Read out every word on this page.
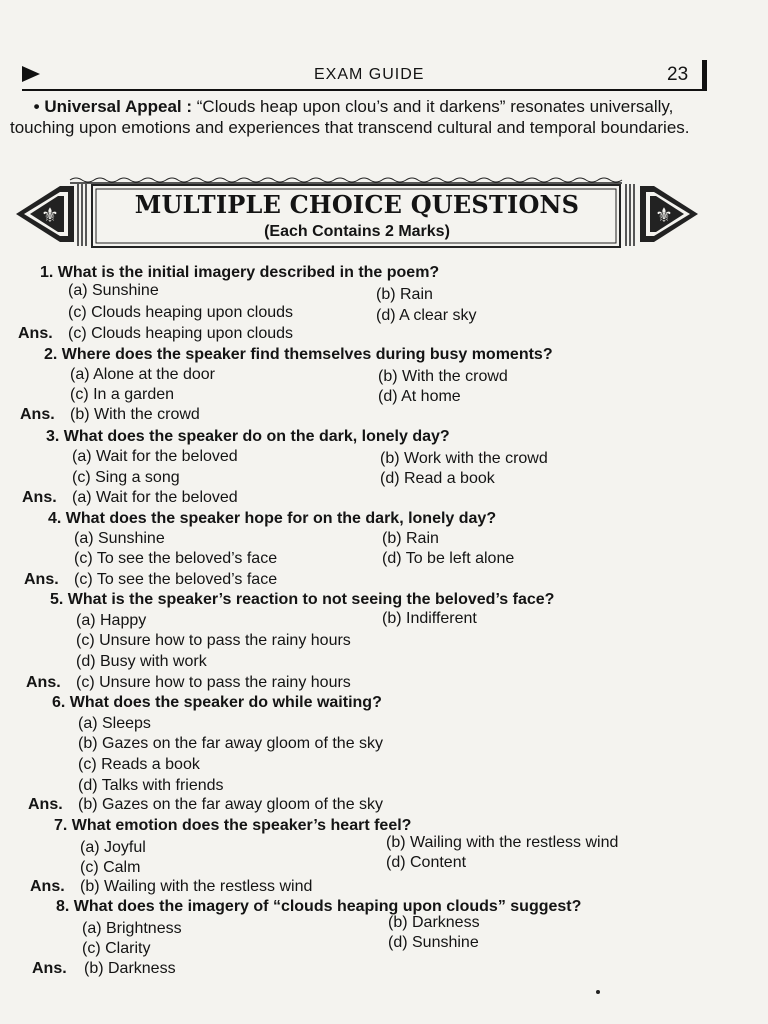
EXAM GUIDE	23
• Universal Appeal : “Clouds heap upon clou’s and it darkens” resonates universally, touching upon emotions and experiences that transcend cultural and temporal boundaries.
⚜	⚜
MULTIPLE CHOICE QUESTIONS
(Each Contains 2 Marks)
1. What is the initial imagery described in the poem?
(a) Sunshine	(b) Rain
(c) Clouds heaping upon clouds	(d) A clear sky
Ans. (c) Clouds heaping upon clouds
2. Where does the speaker find themselves during busy moments?
(a) Alone at the door	(b) With the crowd
(c) In a garden	(d) At home
Ans. (b) With the crowd
3. What does the speaker do on the dark, lonely day?
(a) Wait for the beloved	(b) Work with the crowd
(c) Sing a song	(d) Read a book
Ans. (a) Wait for the beloved
4. What does the speaker hope for on the dark, lonely day?
(a) Sunshine	(b) Rain
(c) To see the beloved’s face	(d) To be left alone
Ans. (c) To see the beloved’s face
5. What is the speaker’s reaction to not seeing the beloved’s face?
(a) Happy	(b) Indifferent
(c) Unsure how to pass the rainy hours
(d) Busy with work
Ans. (c) Unsure how to pass the rainy hours
6. What does the speaker do while waiting?
(a) Sleeps
(b) Gazes on the far away gloom of the sky
(c) Reads a book
(d) Talks with friends
Ans. (b) Gazes on the far away gloom of the sky
7. What emotion does the speaker’s heart feel?
(a) Joyful	(b) Wailing with the restless wind
(c) Calm	(d) Content
Ans. (b) Wailing with the restless wind
8. What does the imagery of “clouds heaping upon clouds” suggest?
(a) Brightness	(b) Darkness
(c) Clarity	(d) Sunshine
Ans. (b) Darkness
